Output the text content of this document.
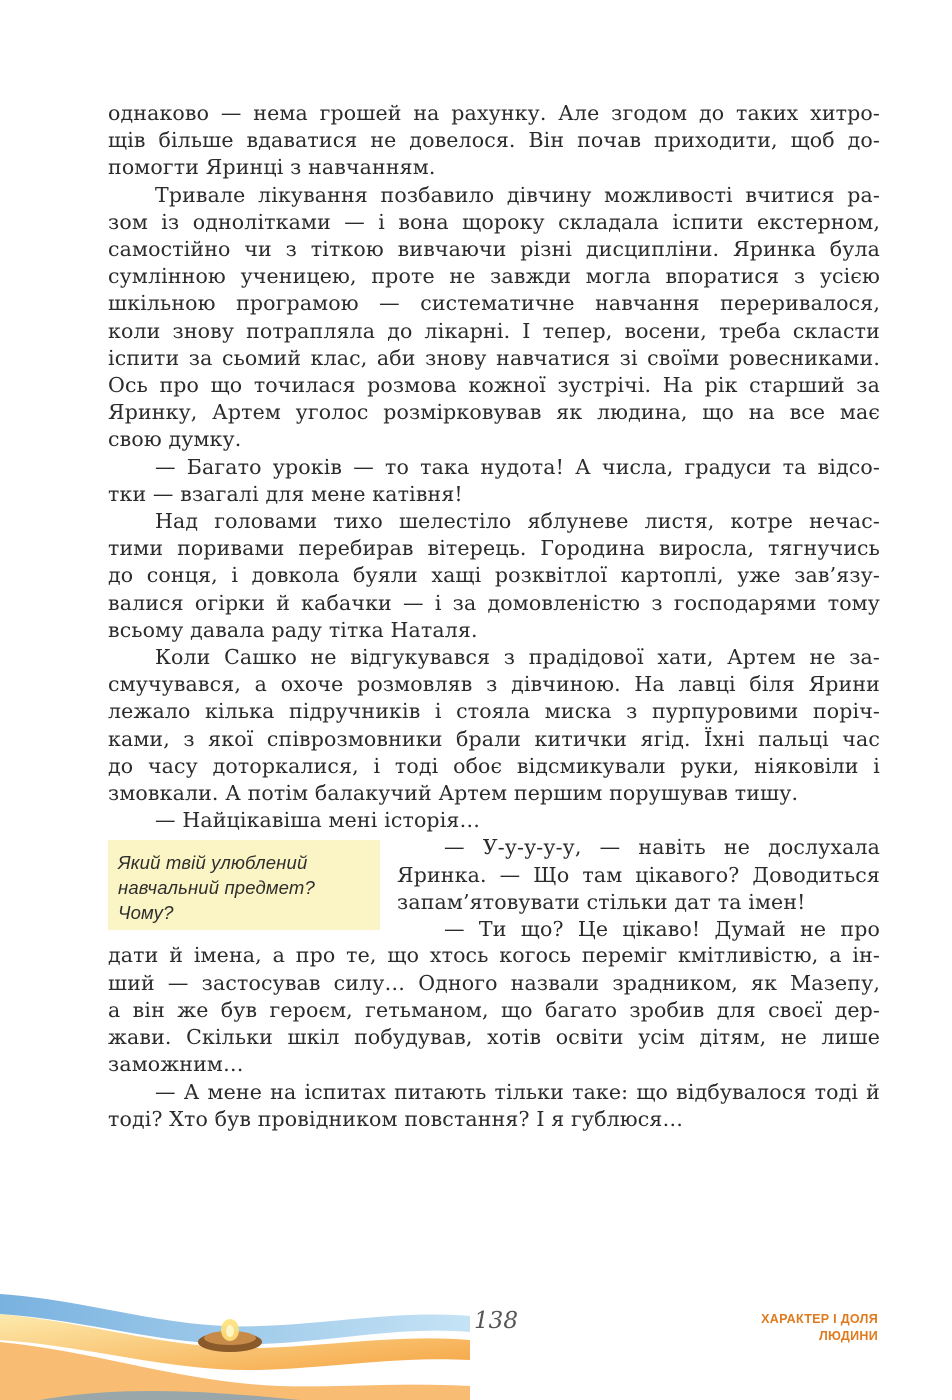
однаково — нема грошей на рахунку. Але згодом до таких хитро-
щів більше вдаватися не довелося. Він почав приходити, щоб до-
помогти Яринці з навчанням.

Тривале лікування позбавило дівчину можливості вчитися ра-
зом із однолітками — і вона щороку складала іспити екстерном,
самостійно чи з тіткою вивчаючи різні дисципліни. Яринка була
сумлінною ученицею, проте не завжди могла впоратися з усією
шкільною програмою — систематичне навчання переривалося,
коли знову потрапляла до лікарні. І тепер, восени, треба скласти
іспити за сьомий клас, аби знову навчатися зі своїми ровесниками.
Ось про що точилася розмова кожної зустрічі. На рік старший за
Яринку, Артем уголос розмірковував як людина, що на все має
свою думку.

— Багато уроків — то така нудота! А числа, градуси та відсо-
тки — взагалі для мене катівня!

Над головами тихо шелестіло яблуневе листя, котре нечас-
тими поривами перебирав вітерець. Городина виросла, тягнучись
до сонця, і довкола буяли хащі розквітлої картоплі, уже зав’язу-
валися огірки й кабачки — і за домовленістю з господарями тому
всьому давала раду тітка Наталя.

Коли Сашко не відгукувався з прадідової хати, Артем не за-
смучувався, а охоче розмовляв з дівчиною. На лавці біля Ярини
лежало кілька підручників і стояла миска з пурпуровими поріч-
ками, з якої співрозмовники брали китички ягід. Їхні пальці час
до часу доторкалися, і тоді обоє відсмикували руки, ніяковіли і
змовкали. А потім балакучий Артем першим порушував тишу.

— Найцікавіша мені історія…

Який твій улюблений
навчальний предмет?
Чому?
— У-у-у-у-у, — навіть не дослухала
Яринка. — Що там цікавого? Доводиться
запам’ятовувати стільки дат та імен!
— Ти що? Це цікаво! Думай не про

дати й імена, а про те, що хтось когось переміг кмітливістю, а ін-
ший — застосував силу… Одного назвали зрадником, як Мазепу,
а він же був героєм, гетьманом, що багато зробив для своєї дер-
жави. Скільки шкіл побудував, хотів освіти усім дітям, не лише
заможним…

— А мене на іспитах питають тільки таке: що відбувалося тоді й
тоді? Хто був провідником повстання? І я гублюся…

138	ХАРАКТЕР І ДОЛЯ
ЛЮДИНИ
